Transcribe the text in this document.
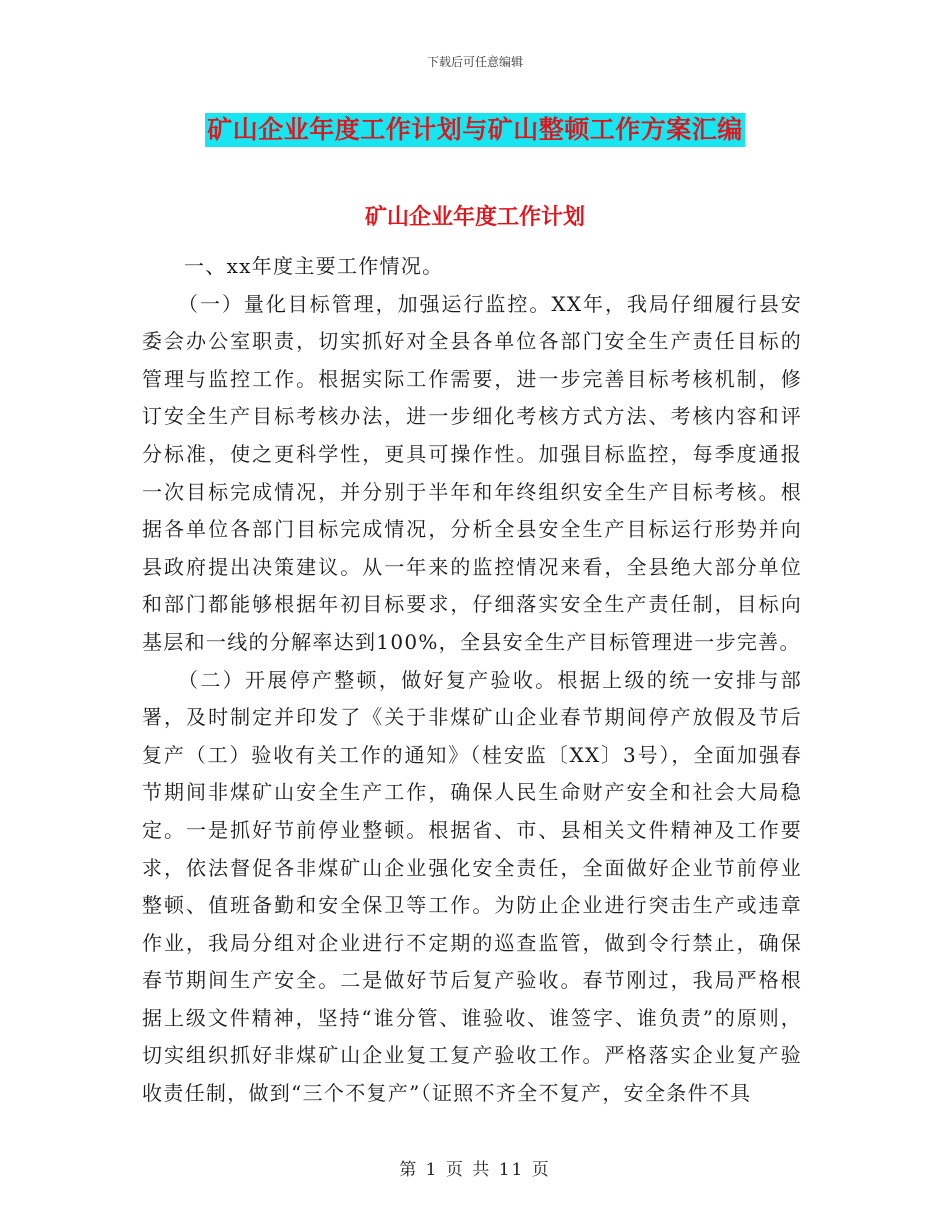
下载后可任意编辑
矿山企业年度工作计划与矿山整顿工作方案汇编
矿山企业年度工作计划

一、xx年度主要工作情况。

（一）量化目标管理，加强运行监控。XX年，我局仔细履行县安委会办公室职责，切实抓好对全县各单位各部门安全生产责任目标的管理与监控工作。根据实际工作需要，进一步完善目标考核机制，修订安全生产目标考核办法，进一步细化考核方式方法、考核内容和评分标准，使之更科学性，更具可操作性。加强目标监控，每季度通报一次目标完成情况，并分别于半年和年终组织安全生产目标考核。根据各单位各部门目标完成情况，分析全县安全生产目标运行形势并向县政府提出决策建议。从一年来的监控情况来看，全县绝大部分单位和部门都能够根据年初目标要求，仔细落实安全生产责任制，目标向基层和一线的分解率达到100%，全县安全生产目标管理进一步完善。

（二）开展停产整顿，做好复产验收。根据上级的统一安排与部署，及时制定并印发了《关于非煤矿山企业春节期间停产放假及节后复产（工）验收有关工作的通知》（桂安监〔XX〕3号），全面加强春节期间非煤矿山安全生产工作，确保人民生命财产安全和社会大局稳定。一是抓好节前停业整顿。根据省、市、县相关文件精神及工作要求，依法督促各非煤矿山企业强化安全责任，全面做好企业节前停业整顿、值班备勤和安全保卫等工作。为防止企业进行突击生产或违章作业，我局分组对企业进行不定期的巡查监管，做到令行禁止，确保春节期间生产安全。二是做好节后复产验收。春节刚过，我局严格根据上级文件精神，坚持“谁分管、谁验收、谁签字、谁负责”的原则，切实组织抓好非煤矿山企业复工复产验收工作。严格落实企业复产验收责任制，做到“三个不复产”（证照不齐全不复产，安全条件不具

第 1 页 共 11 页
